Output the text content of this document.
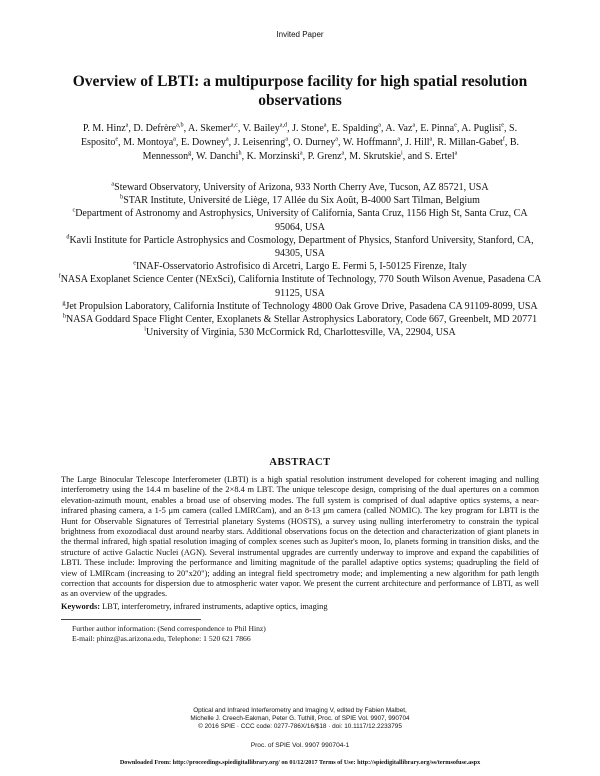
Invited Paper
Overview of LBTI: a multipurpose facility for high spatial resolution observations
P. M. Hinz$^a$, D. Defrère$^{a,b}$, A. Skemer$^{a,c}$, V. Bailey$^{a,d}$, J. Stone$^a$, E. Spalding$^a$, A. Vaz$^a$, E. Pinna$^e$, A. Puglisi$^e$, S. Esposito$^e$, M. Montoya$^a$, E. Downey$^a$, J. Leisenring$^a$, O. Durney$^a$, W. Hoffmann$^a$, J. Hill$^a$, R. Millan-Gabet$^f$, B. Mennesson$^g$, W. Danchi$^h$, K. Morzinski$^a$, P. Grenz$^a$, M. Skrutskie$^i$, and S. Ertel$^a$

$^a$Steward Observatory, University of Arizona, 933 North Cherry Ave, Tucson, AZ 85721, USA

$^b$STAR Institute, Université de Liège, 17 Allée du Six Août, B-4000 Sart Tilman, Belgium

$^c$Department of Astronomy and Astrophysics, University of California, Santa Cruz, 1156 High St, Santa Cruz, CA 95064, USA

$^d$Kavli Institute for Particle Astrophysics and Cosmology, Department of Physics, Stanford University, Stanford, CA, 94305, USA

$^e$INAF-Osservatorio Astrofisico di Arcetri, Largo E. Fermi 5, I-50125 Firenze, Italy

$^f$NASA Exoplanet Science Center (NExSci), California Institute of Technology, 770 South Wilson Avenue, Pasadena CA 91125, USA

$^g$Jet Propulsion Laboratory, California Institute of Technology 4800 Oak Grove Drive, Pasadena CA 91109-8099, USA

$^h$NASA Goddard Space Flight Center, Exoplanets & Stellar Astrophysics Laboratory, Code 667, Greenbelt, MD 20771

$^i$University of Virginia, 530 McCormick Rd, Charlottesville, VA, 22904, USA

ABSTRACT

The Large Binocular Telescope Interferometer (LBTI) is a high spatial resolution instrument developed for coherent imaging and nulling interferometry using the 14.4 m baseline of the 2×8.4 m LBT. The unique telescope design, comprising of the dual apertures on a common elevation-azimuth mount, enables a broad use of observing modes. The full system is comprised of dual adaptive optics systems, a near-infrared phasing camera, a 1-5 μm camera (called LMIRCam), and an 8-13 μm camera (called NOMIC). The key program for LBTI is the Hunt for Observable Signatures of Terrestrial planetary Systems (HOSTS), a survey using nulling interferometry to constrain the typical brightness from exozodiacal dust around nearby stars. Additional observations focus on the detection and characterization of giant planets in the thermal infrared, high spatial resolution imaging of complex scenes such as Jupiter's moon, Io, planets forming in transition disks, and the structure of active Galactic Nuclei (AGN). Several instrumental upgrades are currently underway to improve and expand the capabilities of LBTI. These include: Improving the performance and limiting magnitude of the parallel adaptive optics systems; quadrupling the field of view of LMIRcam (increasing to 20"x20"); adding an integral field spectrometry mode; and implementing a new algorithm for path length correction that accounts for dispersion due to atmospheric water vapor. We present the current architecture and performance of LBTI, as well as an overview of the upgrades.

Keywords: LBT, interferometry, infrared instruments, adaptive optics, imaging

Further author information: (Send correspondence to Phil Hinz)
E-mail: phinz@as.arizona.edu, Telephone: 1 520 621 7866
Optical and Infrared Interferometry and Imaging V, edited by Fabien Malbet,
Michelle J. Creech-Eakman, Peter G. Tuthill, Proc. of SPIE Vol. 9907, 990704
© 2016 SPIE · CCC code: 0277-786X/16/$18 · doi: 10.1117/12.2233795
Proc. of SPIE Vol. 9907 990704-1
Downloaded From: http://proceedings.spiedigitallibrary.org/ on 01/12/2017 Terms of Use: http://spiedigitallibrary.org/ss/termsofuse.aspx
